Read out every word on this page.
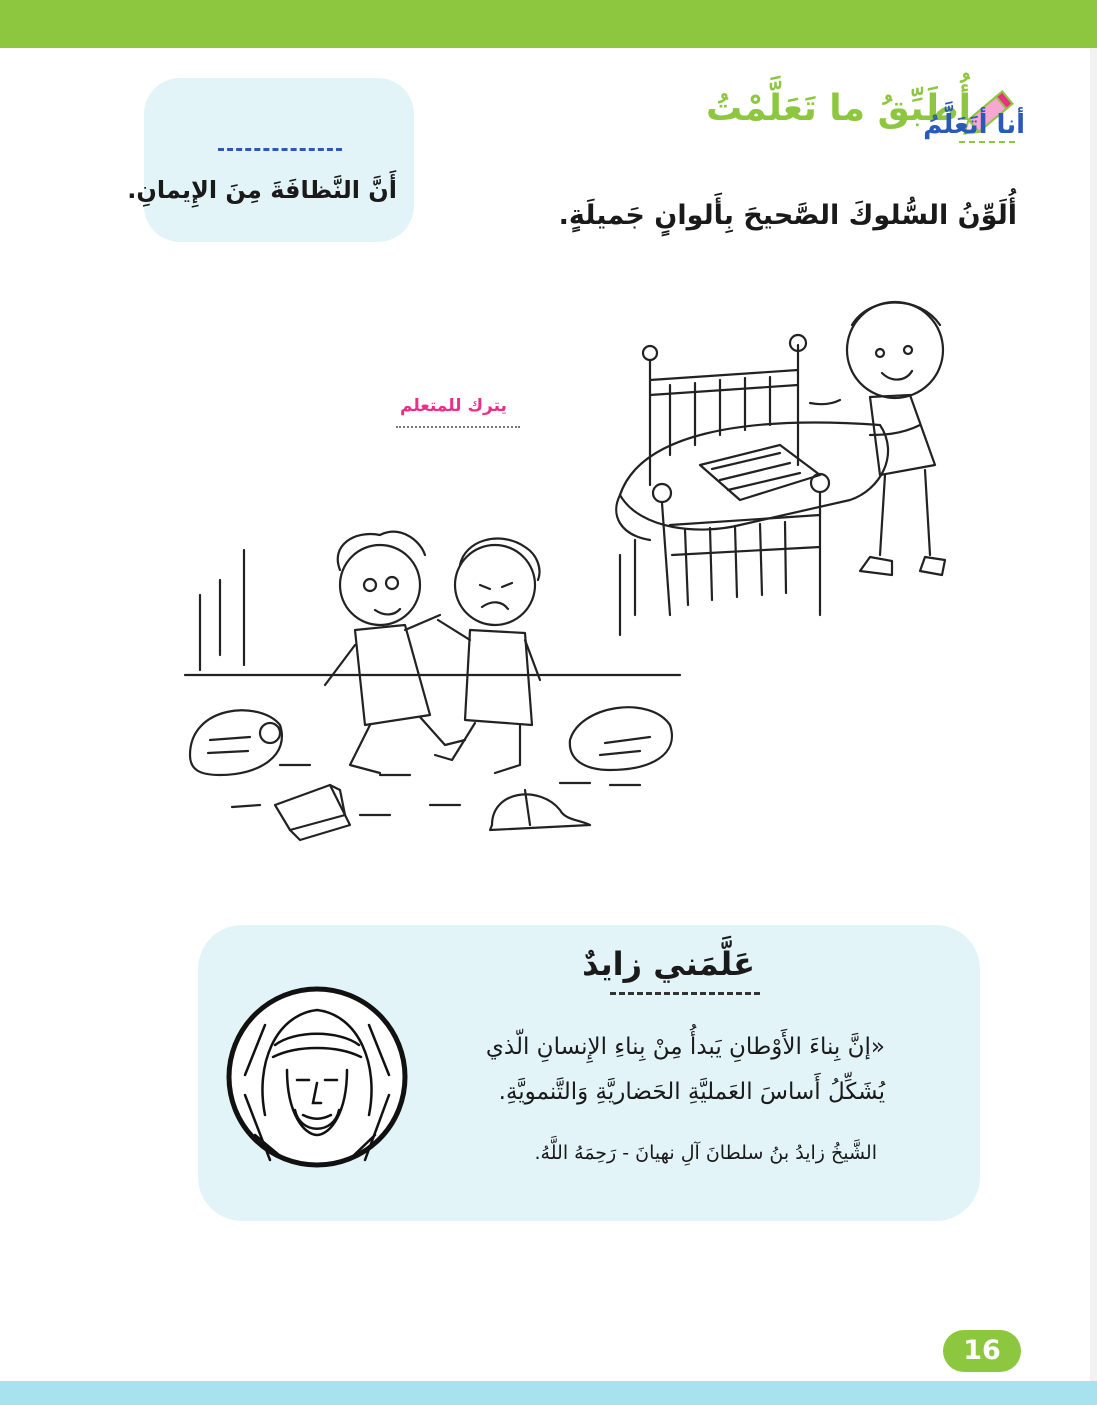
أُطَبِّقُ ما تَعَلَّمْتُ
أنا أتَعَلَّمُ
أَنَّ النَّظافَةَ مِنَ الإِيمانِ.
أُلَوِّنُ السُّلوكَ الصَّحيحَ بِأَلوانٍ جَميلَةٍ.
يترك للمتعلم
عَلَّمَني زايدٌ
«إنَّ بِناءَ الأَوْطانِ يَبدأُ مِنْ بِناءِ الإِنسانِ الّذي
يُشَكِّلُ أَساسَ العَمليَّةِ الحَضاريَّةِ وَالتَّنمويَّةِ.
الشَّيخُ زايدُ بنُ سلطانَ آلِ نهيانَ - رَحِمَهُ اللَّهُ.
16
